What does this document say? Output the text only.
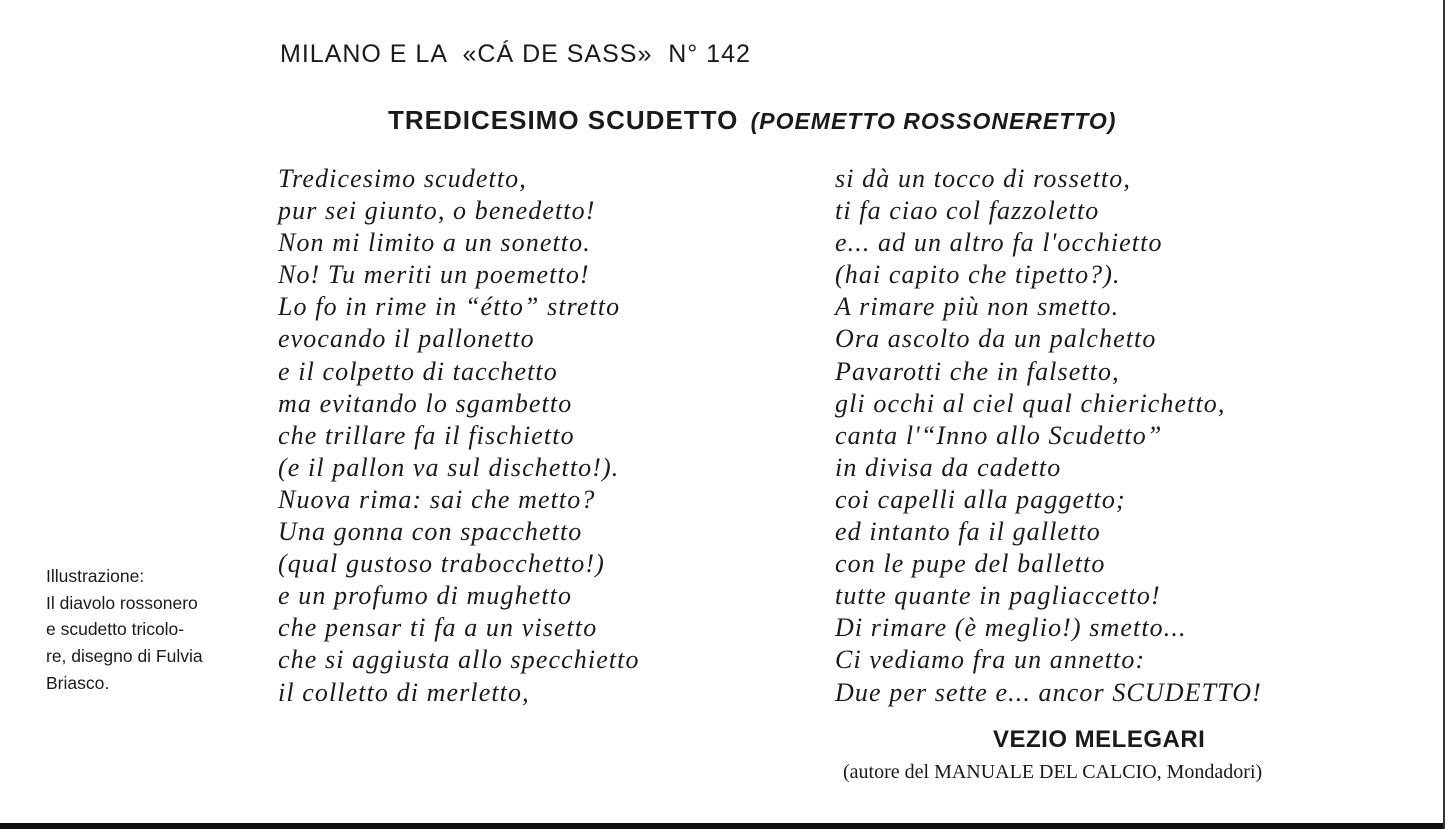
MILANO E LA  «CÁ DE SASS»  N° 142
TREDICESIMO SCUDETTO (POEMETTO ROSSONERETTO)
Tredicesimo scudetto,
pur sei giunto, o benedetto!
Non mi limito a un sonetto.
No! Tu meriti un poemetto!
Lo fo in rime in “étto” stretto
evocando il pallonetto
e il colpetto di tacchetto
ma evitando lo sgambetto
che trillare fa il fischietto
(e il pallon va sul dischetto!).
Nuova rima: sai che metto?
Una gonna con spacchetto
(qual gustoso trabocchetto!)
e un profumo di mughetto
che pensar ti fa a un visetto
che si aggiusta allo specchietto
il colletto di merletto,
si dà un tocco di rossetto,
ti fa ciao col fazzoletto
e... ad un altro fa l'occhietto
(hai capito che tipetto?).
A rimare più non smetto.
Ora ascolto da un palchetto
Pavarotti che in falsetto,
gli occhi al ciel qual chierichetto,
canta l'“Inno allo Scudetto”
in divisa da cadetto
coi capelli alla paggetto;
ed intanto fa il galletto
con le pupe del balletto
tutte quante in pagliaccetto!
Di rimare (è meglio!) smetto...
Ci vediamo fra un annetto:
Due per sette e... ancor SCUDETTO!
Illustrazione:
Il diavolo rossonero
e scudetto tricolo-
re, disegno di Fulvia
Briasco.
VEZIO MELEGARI
(autore del MANUALE DEL CALCIO, Mondadori)
